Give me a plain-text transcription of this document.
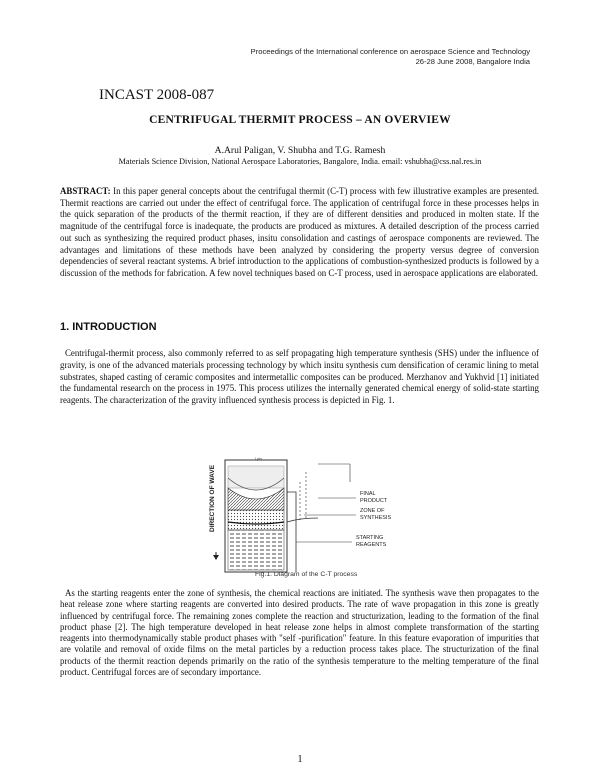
Proceedings of the International conference on aerospace Science and Technology
26-28 June 2008, Bangalore India
INCAST 2008-087
CENTRIFUGAL THERMIT PROCESS – AN OVERVIEW
A.Arul Paligan, V. Shubha and T.G. Ramesh
Materials Science Division, National Aerospace Laboratories, Bangalore, India. email: vshubha@css.nal.res.in
ABSTRACT: In this paper general concepts about the centrifugal thermit (C-T) process with few illustrative examples are presented. Thermit reactions are carried out under the effect of centrifugal force. The application of centrifugal force in these processes helps in the quick separation of the products of the thermit reaction, if they are of different densities and produced in molten state. If the magnitude of the centrifugal force is inadequate, the products are produced as mixtures. A detailed description of the process carried out such as synthesizing the required product phases, insitu consolidation and castings of aerospace components are reviewed. The advantages and limitations of these methods have been analyzed by considering the property versus degree of conversion dependencies of several reactant systems. A brief introduction to the applications of combustion-synthesized products is followed by a discussion of the methods for fabrication. A few novel techniques based on C-T process, used in aerospace applications are elaborated.
1. INTRODUCTION
Centrifugal-thermit process, also commonly referred to as self propagating high temperature synthesis (SHS) under the influence of gravity, is one of the advanced materials processing technology by which insitu synthesis cum densification of ceramic lining to metal substrates, shaped casting of ceramic composites and intermetallic composites can be produced. Merzhanov and Yukhvid [1] initiated the fundamental research on the process in 1975. This process utilizes the internally generated chemical energy of solid-state starting reagents. The characterization of the gravity influenced synthesis process is depicted in Fig. 1.
l pls
DIRECTION OF WAVE	FINAL
PRODUCT
ZONE OF
SYNTHESIS
STARTING
REAGENTS
Fig.1. Diagram of the C-T process
As the starting reagents enter the zone of synthesis, the chemical reactions are initiated. The synthesis wave then propagates to the heat release zone where starting reagents are converted into desired products. The rate of wave propagation in this zone is greatly influenced by centrifugal force. The remaining zones complete the reaction and structurization, leading to the formation of the final product phase [2]. The high temperature developed in heat release zone helps in almost complete transformation of the starting reagents into thermodynamically stable product phases with "self -purification" feature. In this feature evaporation of impurities that are volatile and removal of oxide films on the metal particles by a reduction process takes place. The structurization of the final products of the thermit reaction depends primarily on the ratio of the synthesis temperature to the melting temperature of the final product. Centrifugal forces are of secondary importance.
1
